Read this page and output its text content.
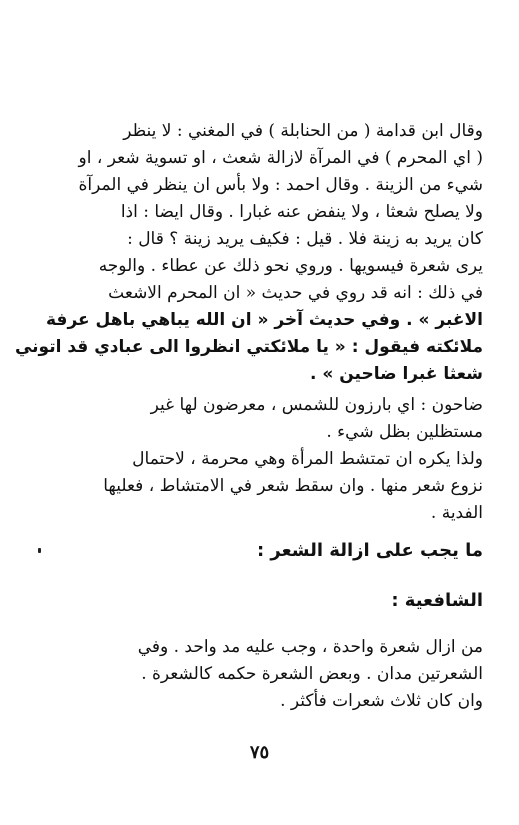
وقال ابن قدامة ( من الحنابلة ) في المغني : لا ينظر
( اي المحرم ) في المرآة لازالة شعث ، او تسوية شعر ، او
شيء من الزينة . وقال احمد : ولا بأس ان ينظر في المرآة
ولا يصلح شعثا ، ولا ينفض عنه غبارا . وقال ايضا : اذا
كان يريد به زينة فلا . قيل : فكيف يريد زينة ؟ قال :
يرى شعرة فيسويها . وروي نحو ذلك عن عطاء . والوجه
في ذلك : انه قد روي في حديث « ان المحرم الاشعث
الاغبر » . وفي حديث آخر « ان الله يباهي باهل عرفة
ملائكته فيقول : « يا ملائكتي انظروا الى عبادي قد اتوني
شعثا غبرا ضاحين » .
ضاحون : اي بارزون للشمس ، معرضون لها غير
مستظلين بظل شيء .
ولذا يكره ان تمتشط المرأة وهي محرمة ، لاحتمال
نزوع شعر منها . وان سقط شعر في الامتشاط ، فعليها
الفدية .
ما يجب على ازالة الشعر :
الشافعية :
من ازال شعرة واحدة ، وجب عليه مد واحد . وفي
الشعرتين مدان . وبعض الشعرة حكمه كالشعرة .
وان كان ثلاث شعرات فأكثر .
٧٥
